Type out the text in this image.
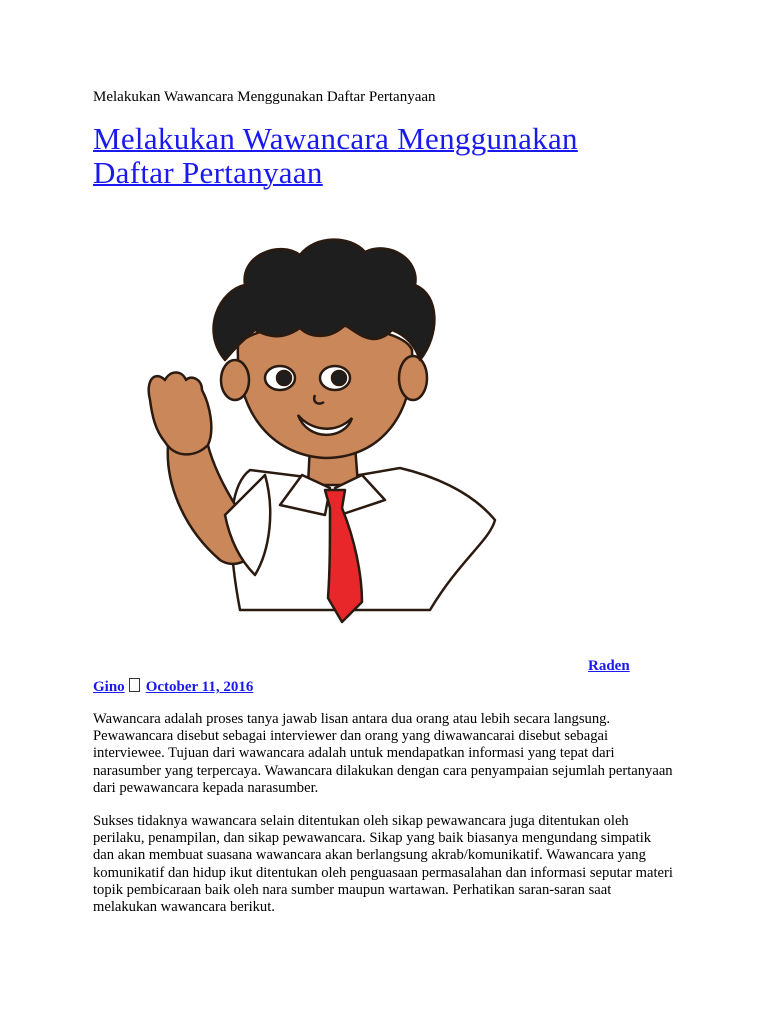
Melakukan Wawancara Menggunakan Daftar Pertanyaan

Melakukan Wawancara Menggunakan
Daftar Pertanyaan
Raden
Gino October 11, 2016

Wawancara adalah proses tanya jawab lisan antara dua orang atau lebih secara langsung. Pewawancara disebut sebagai interviewer dan orang yang diwawancarai disebut sebagai interviewee. Tujuan dari wawancara adalah untuk mendapatkan informasi yang tepat dari narasumber yang terpercaya. Wawancara dilakukan dengan cara penyampaian sejumlah pertanyaan dari pewawancara kepada narasumber.

Sukses tidaknya wawancara selain ditentukan oleh sikap pewawancara juga ditentukan oleh perilaku, penampilan, dan sikap pewawancara. Sikap yang baik biasanya mengundang simpatik dan akan membuat suasana wawancara akan berlangsung akrab/komunikatif. Wawancara yang komunikatif dan hidup ikut ditentukan oleh penguasaan permasalahan dan informasi seputar materi topik pembicaraan baik oleh nara sumber maupun wartawan. Perhatikan saran-saran saat melakukan wawancara berikut.
